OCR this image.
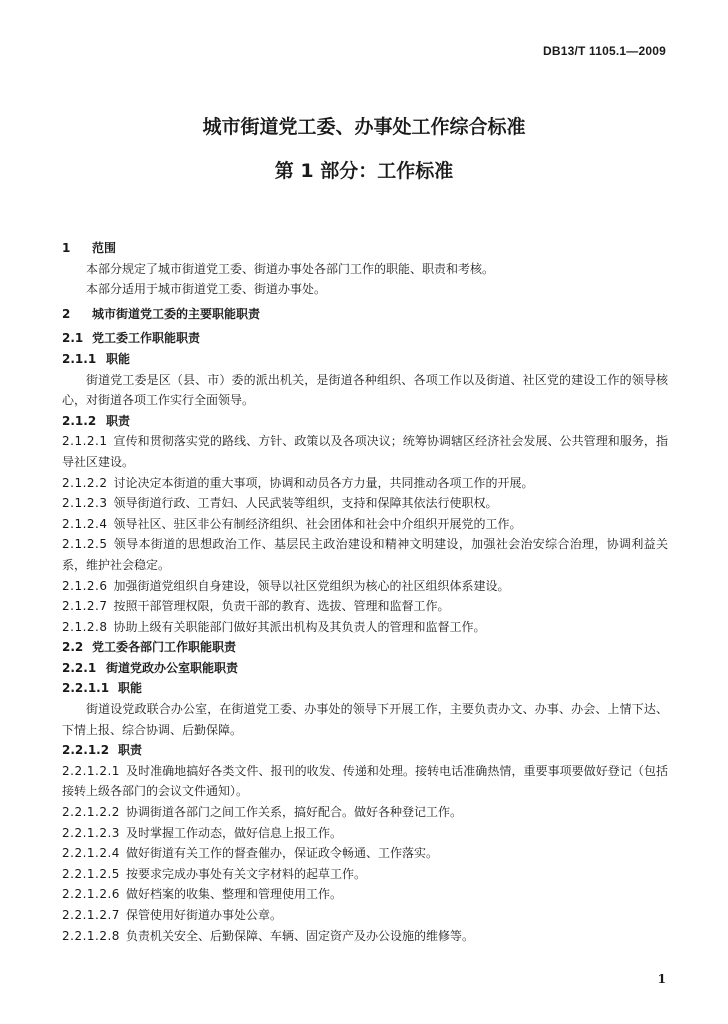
DB13/T 1105.1—2009

城市街道党工委、办事处工作综合标准

第 1 部分：工作标准

1 范围

本部分规定了城市街道党工委、街道办事处各部门工作的职能、职责和考核。

本部分适用于城市街道党工委、街道办事处。

2 城市街道党工委的主要职能职责

2.1 党工委工作职能职责

2.1.1 职能

街道党工委是区（县、市）委的派出机关，是街道各种组织、各项工作以及街道、社区党的建设工作的领导核心，对街道各项工作实行全面领导。

2.1.2 职责

2.1.2.1 宣传和贯彻落实党的路线、方针、政策以及各项决议；统筹协调辖区经济社会发展、公共管理和服务，指导社区建设。

2.1.2.2 讨论决定本街道的重大事项，协调和动员各方力量，共同推动各项工作的开展。

2.1.2.3 领导街道行政、工青妇、人民武装等组织，支持和保障其依法行使职权。

2.1.2.4 领导社区、驻区非公有制经济组织、社会团体和社会中介组织开展党的工作。

2.1.2.5 领导本街道的思想政治工作、基层民主政治建设和精神文明建设，加强社会治安综合治理，协调利益关系，维护社会稳定。

2.1.2.6 加强街道党组织自身建设，领导以社区党组织为核心的社区组织体系建设。

2.1.2.7 按照干部管理权限，负责干部的教育、选拔、管理和监督工作。

2.1.2.8 协助上级有关职能部门做好其派出机构及其负责人的管理和监督工作。

2.2 党工委各部门工作职能职责

2.2.1 街道党政办公室职能职责

2.2.1.1 职能

街道设党政联合办公室，在街道党工委、办事处的领导下开展工作，主要负责办文、办事、办会、上情下达、下情上报、综合协调、后勤保障。

2.2.1.2 职责

2.2.1.2.1 及时准确地搞好各类文件、报刊的收发、传递和处理。接转电话准确热情，重要事项要做好登记（包括接转上级各部门的会议文件通知）。

2.2.1.2.2 协调街道各部门之间工作关系，搞好配合。做好各种登记工作。

2.2.1.2.3 及时掌握工作动态，做好信息上报工作。

2.2.1.2.4 做好街道有关工作的督查催办，保证政令畅通、工作落实。

2.2.1.2.5 按要求完成办事处有关文字材料的起草工作。

2.2.1.2.6 做好档案的收集、整理和管理使用工作。

2.2.1.2.7 保管使用好街道办事处公章。

2.2.1.2.8 负责机关安全、后勤保障、车辆、固定资产及办公设施的维修等。

1
